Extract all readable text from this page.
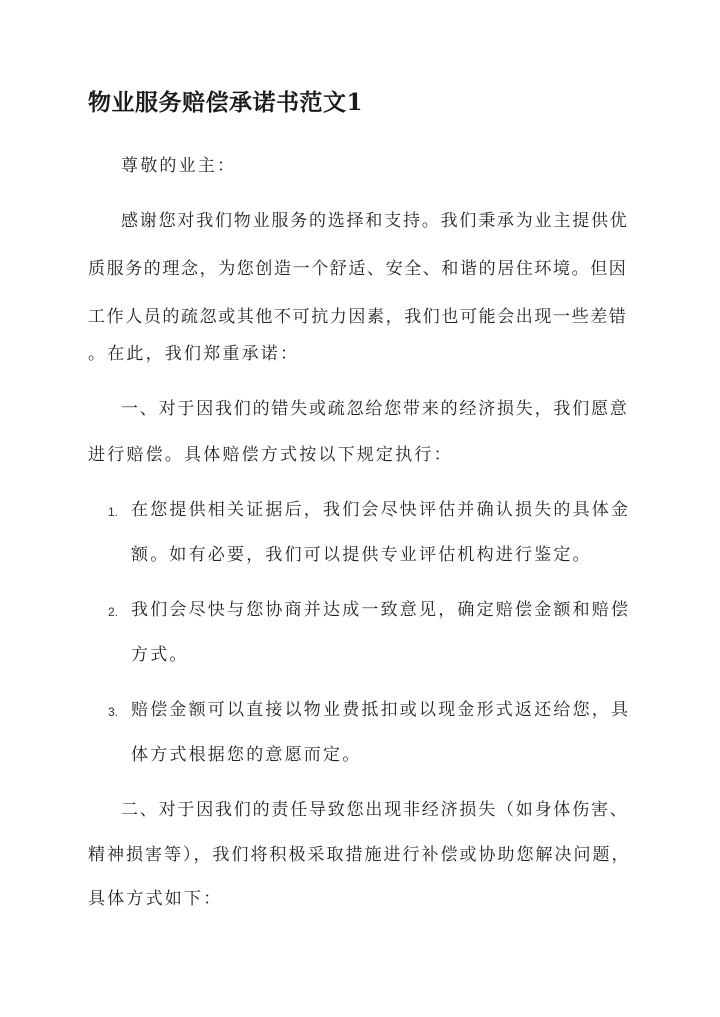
物业服务赔偿承诺书范文1
尊敬的业主：
感谢您对我们物业服务的选择和支持。我们秉承为业主提供优
质服务的理念，为您创造一个舒适、安全、和谐的居住环境。但因
工作人员的疏忽或其他不可抗力因素，我们也可能会出现一些差错
。在此，我们郑重承诺：
一、对于因我们的错失或疏忽给您带来的经济损失，我们愿意
进行赔偿。具体赔偿方式按以下规定执行：
1. 在您提供相关证据后，我们会尽快评估并确认损失的具体金
额。如有必要，我们可以提供专业评估机构进行鉴定。
2. 我们会尽快与您协商并达成一致意见，确定赔偿金额和赔偿
方式。
3. 赔偿金额可以直接以物业费抵扣或以现金形式返还给您，具
体方式根据您的意愿而定。
二、对于因我们的责任导致您出现非经济损失（如身体伤害、
精神损害等），我们将积极采取措施进行补偿或协助您解决问题，
具体方式如下：
